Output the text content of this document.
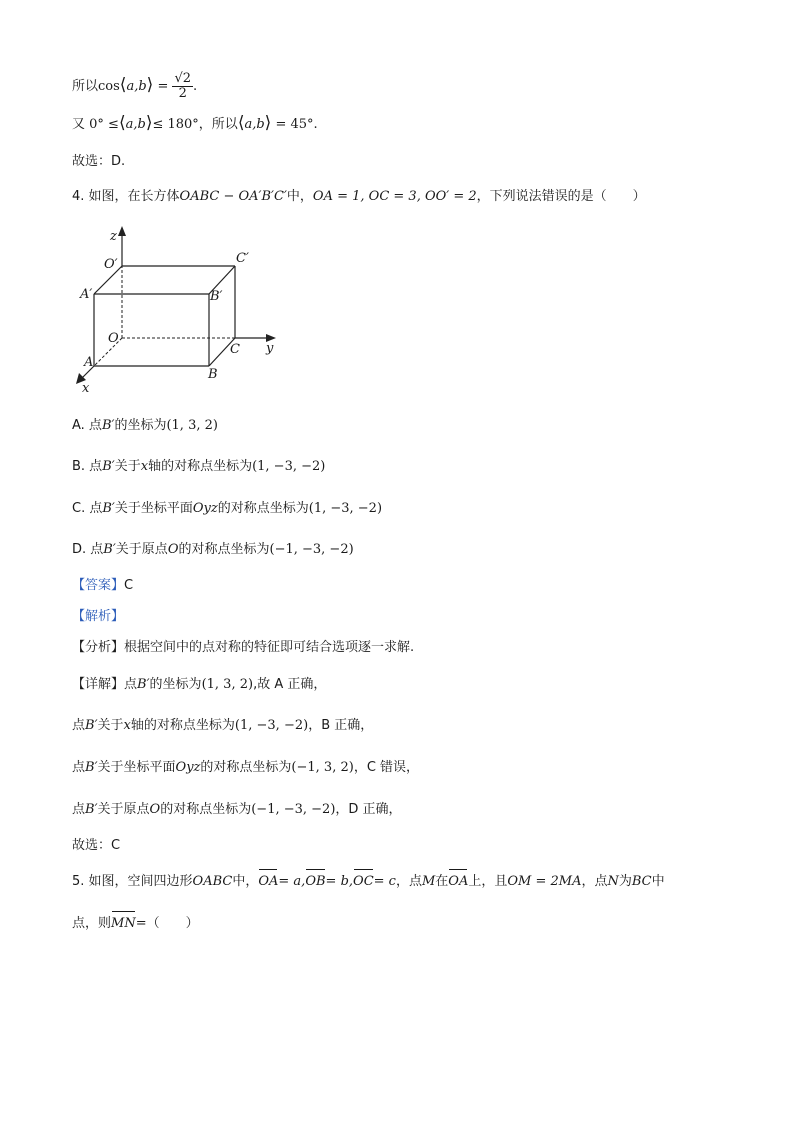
所以cos⟨a,b⟩ = $\frac{√2}{2}$ .
又 0° ≤⟨a,b⟩≤ 180°，所以⟨a,b⟩ = 45°.
故选：D.
4. 如图，在长方体OABC − OA′B′C′中，OA = 1, OC = 3, OO′ = 2，下列说法错误的是（　　）
z
O′	C′
A′	B′
O
y
A
C
B
x
A. 点B′的坐标为(1, 3, 2)
B. 点B′关于x轴的对称点坐标为(1, −3, −2)
C. 点B′关于坐标平面Oyz的对称点坐标为(1, −3, −2)
D. 点B′关于原点O的对称点坐标为(−1, −3, −2)
【答案】C
【解析】
【分析】根据空间中的点对称的特征即可结合选项逐一求解.
【详解】点B′的坐标为(1, 3, 2),故 A 正确，
点B′关于x轴的对称点坐标为(1, −3, −2)，B 正确，
点B′关于坐标平面Oyz的对称点坐标为(−1, 3, 2)，C 错误，
点B′关于原点O的对称点坐标为(−1, −3, −2)，D 正确，
故选：C
5. 如图，空间四边形OABC中，OA= a,OB= b,OC= c，点M在OA上，且OM = 2MA，点N为BC中
点，则MN=（　　）
